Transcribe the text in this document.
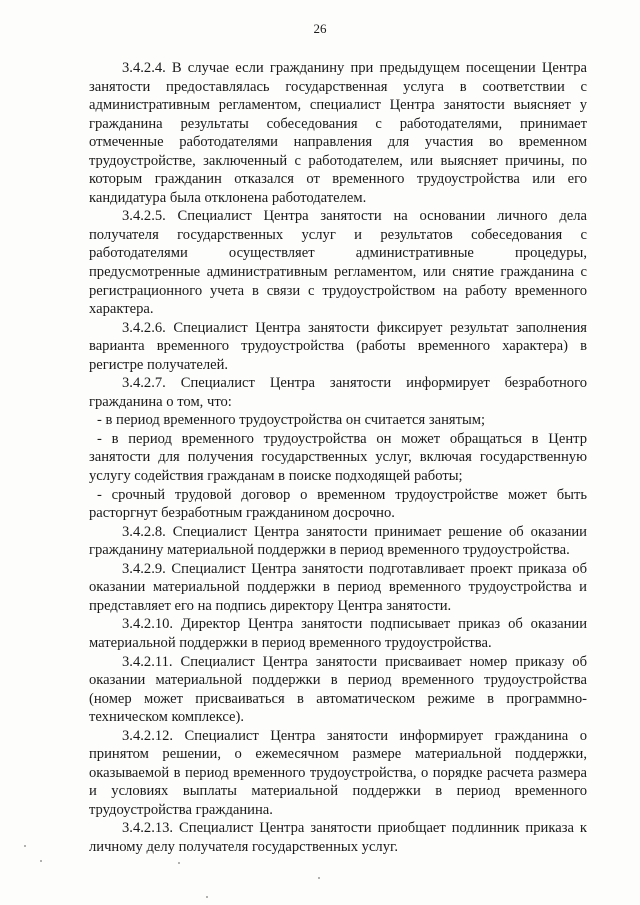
26

3.4.2.4. В случае если гражданину при предыдущем посещении Центра занятости предоставлялась государственная услуга в соответствии с административным регламентом, специалист Центра занятости выясняет у гражданина результаты собеседования с работодателями, принимает отмеченные работодателями направления для участия во временном трудоустройстве, заключенный с работодателем, или выясняет причины, по которым гражданин отказался от временного трудоустройства или его кандидатура была отклонена работодателем.

3.4.2.5. Специалист Центра занятости на основании личного дела получателя государственных услуг и результатов собеседования с работодателями осуществляет административные процедуры, предусмотренные административным регламентом, или снятие гражданина с регистрационного учета в связи с трудоустройством на работу временного характера.

3.4.2.6. Специалист Центра занятости фиксирует результат заполнения варианта временного трудоустройства (работы временного характера) в регистре получателей.

3.4.2.7. Специалист Центра занятости информирует безработного гражданина о том, что:

- в период временного трудоустройства он считается занятым;

- в период временного трудоустройства он может обращаться в Центр занятости для получения государственных услуг, включая государственную услугу содействия гражданам в поиске подходящей работы;

- срочный трудовой договор о временном трудоустройстве может быть расторгнут безработным гражданином досрочно.

3.4.2.8. Специалист Центра занятости принимает решение об оказании гражданину материальной поддержки в период временного трудоустройства.

3.4.2.9. Специалист Центра занятости подготавливает проект приказа об оказании материальной поддержки в период временного трудоустройства и представляет его на подпись директору Центра занятости.

3.4.2.10. Директор Центра занятости подписывает приказ об оказании материальной поддержки в период временного трудоустройства.

3.4.2.11. Специалист Центра занятости присваивает номер приказу об оказании материальной поддержки в период временного трудоустройства (номер может присваиваться в автоматическом режиме в программно-техническом комплексе).

3.4.2.12. Специалист Центра занятости информирует гражданина о принятом решении, о ежемесячном размере материальной поддержки, оказываемой в период временного трудоустройства, о порядке расчета размера и условиях выплаты материальной поддержки в период временного трудоустройства гражданина.

3.4.2.13. Специалист Центра занятости приобщает подлинник приказа к личному делу получателя государственных услуг.
